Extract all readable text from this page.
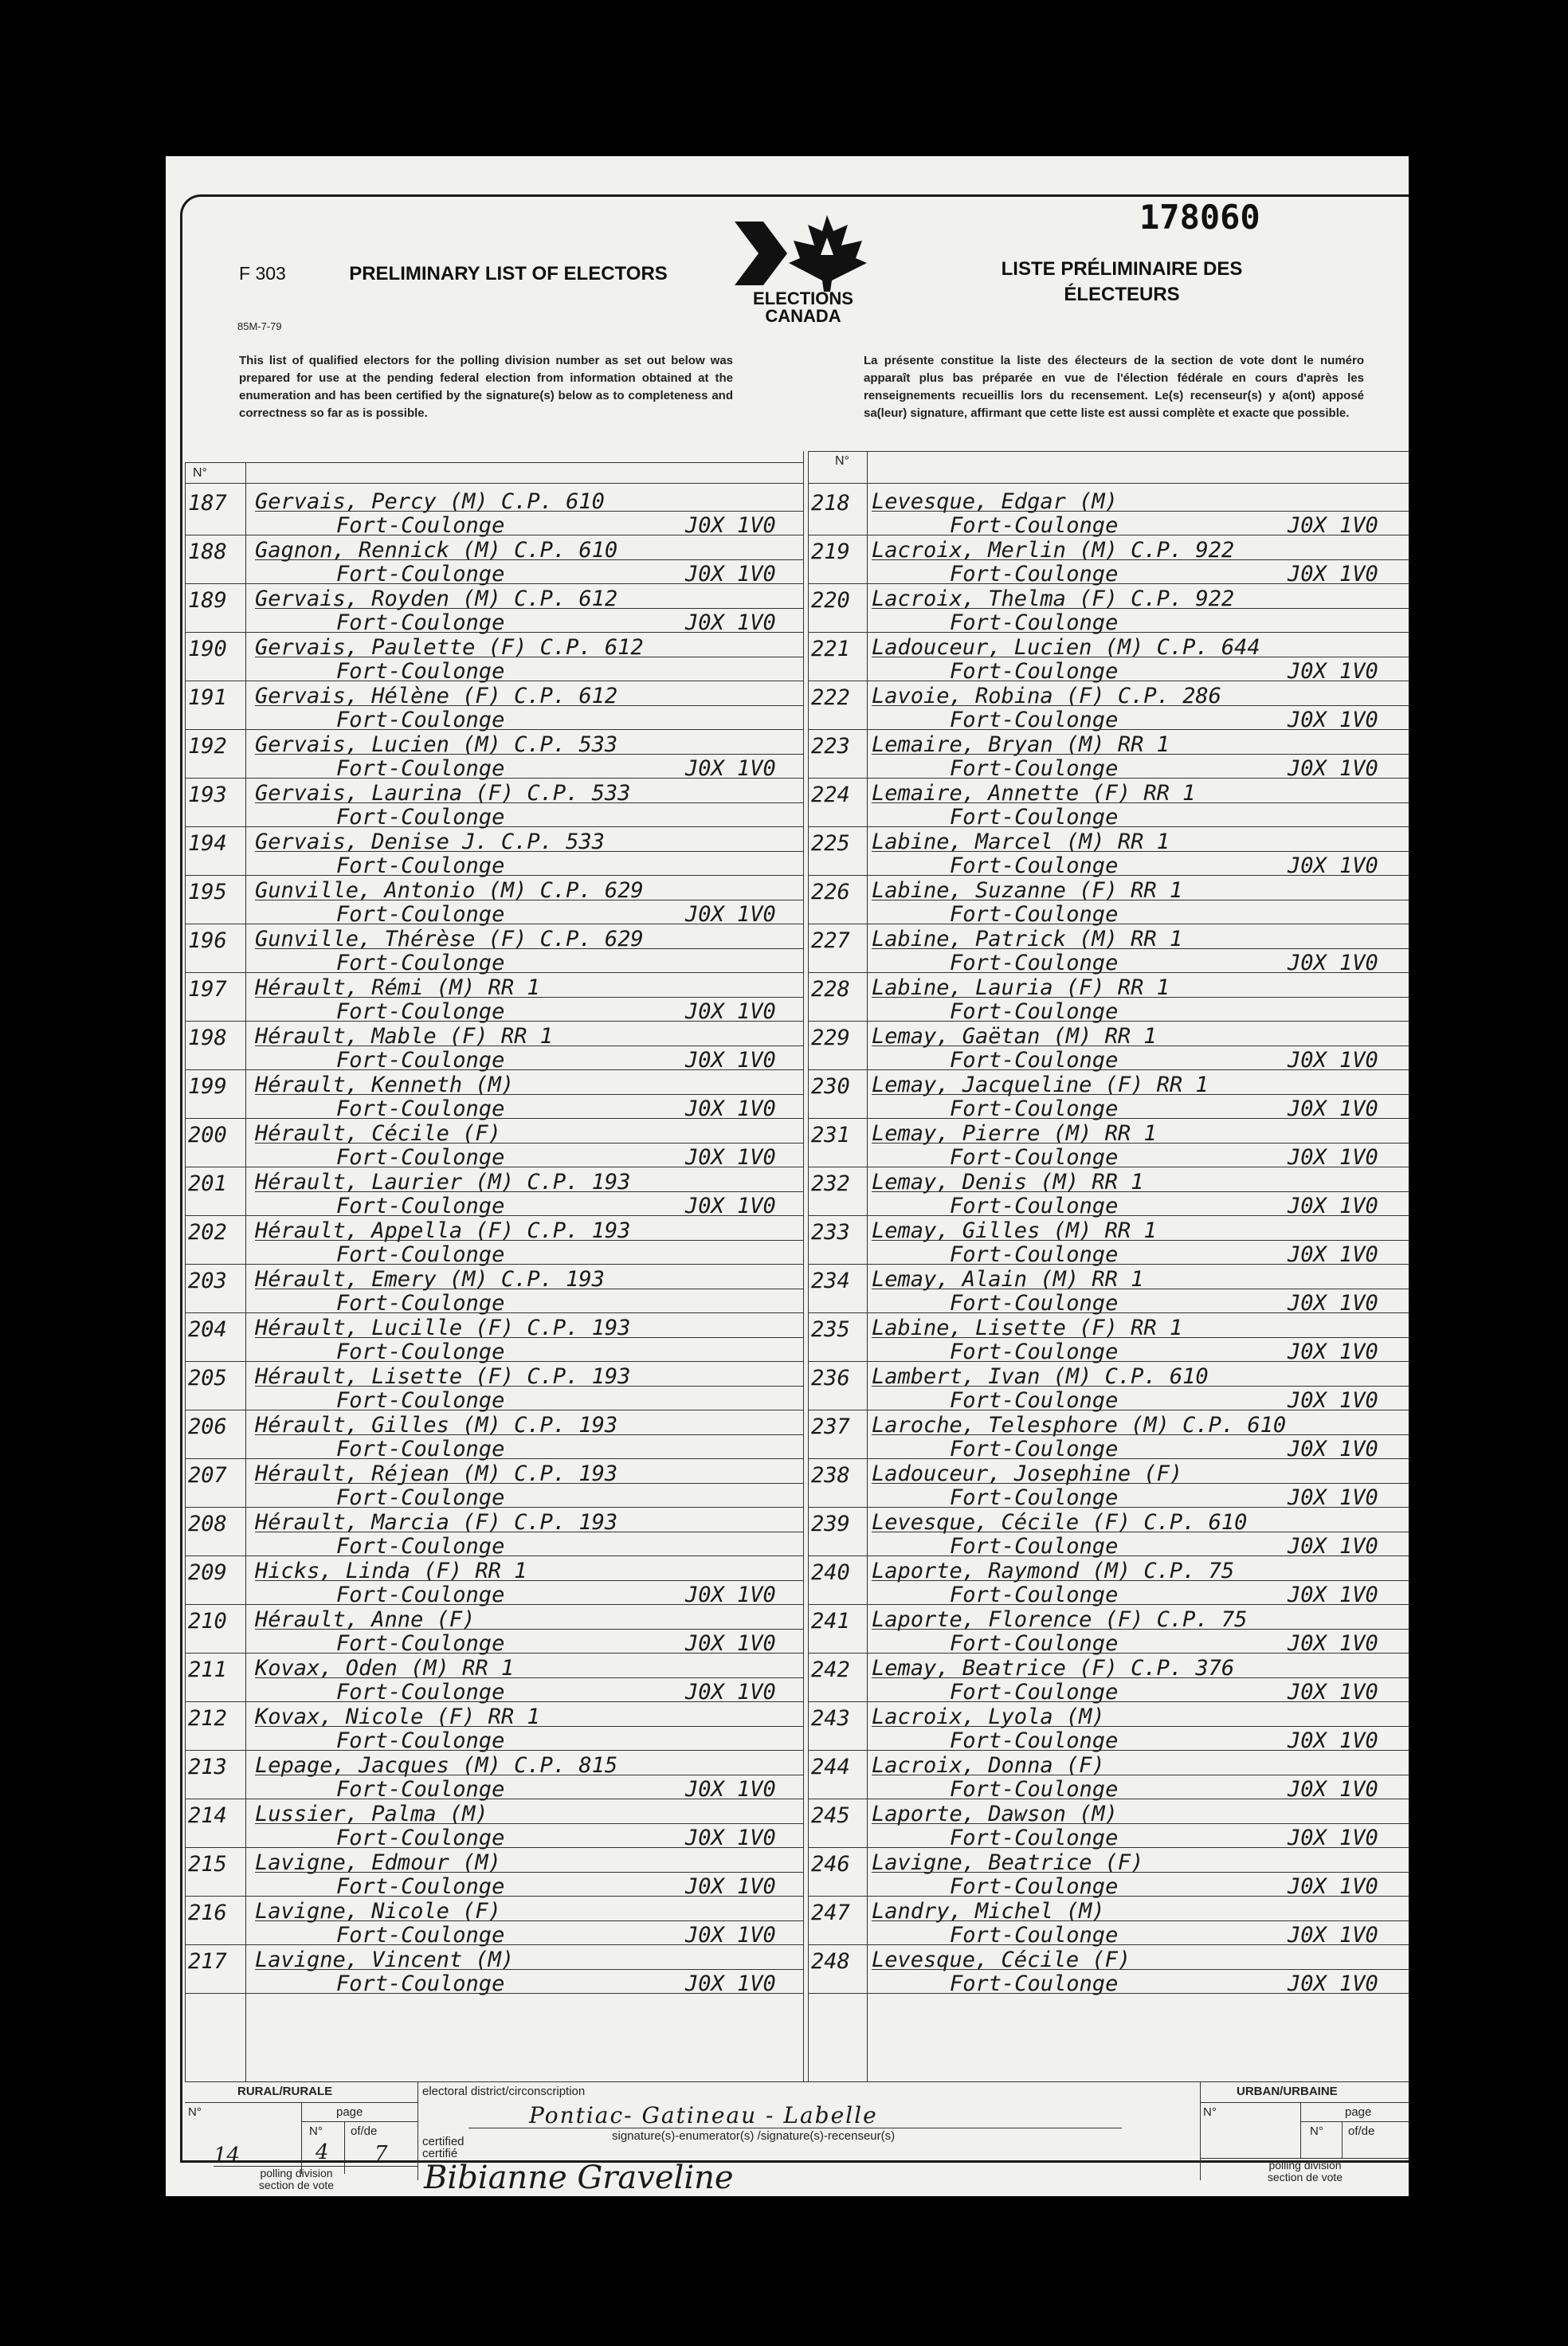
178060
F 303
85M-7-79
PRELIMINARY LIST OF ELECTORS	LISTE PRÉLIMINAIRE DES ÉLECTEURS
ELECTIONS
CANADA
This list of qualified electors for the polling division number as set out below was prepared for use at the pending federal election from information obtained at the enumeration and has been certified by the signature(s) below as to completeness and correctness so far as is possible.
La présente constitue la liste des électeurs de la section de vote dont le numéro apparaît plus bas préparée en vue de l'élection fédérale en cours d'après les renseignements recueillis lors du recensement. Le(s) recenseur(s) y a(ont) apposé sa(leur) signature, affirmant que cette liste est aussi complète et exacte que possible.
N°
N°
187 Gervais, Percy (M) C.P. 610
Fort-Coulonge	J0X 1V0
188 Gagnon, Rennick (M) C.P. 610
Fort-Coulonge	J0X 1V0
189 Gervais, Royden (M) C.P. 612
Fort-Coulonge	J0X 1V0
190 Gervais, Paulette (F) C.P. 612
Fort-Coulonge
191 Gervais, Hélène (F) C.P. 612
Fort-Coulonge
192 Gervais, Lucien (M) C.P. 533
Fort-Coulonge	J0X 1V0
193 Gervais, Laurina (F) C.P. 533
Fort-Coulonge
194 Gervais, Denise J. C.P. 533
Fort-Coulonge
195 Gunville, Antonio (M) C.P. 629
Fort-Coulonge	J0X 1V0
196 Gunville, Thérèse (F) C.P. 629
Fort-Coulonge
197 Hérault, Rémi (M) RR 1
Fort-Coulonge	J0X 1V0
198 Hérault, Mable (F) RR 1
Fort-Coulonge	J0X 1V0
199 Hérault, Kenneth (M)
Fort-Coulonge	J0X 1V0
200 Hérault, Cécile (F)
Fort-Coulonge	J0X 1V0
201 Hérault, Laurier (M) C.P. 193
Fort-Coulonge	J0X 1V0
202 Hérault, Appella (F) C.P. 193
Fort-Coulonge
203 Hérault, Emery (M) C.P. 193
Fort-Coulonge
204 Hérault, Lucille (F) C.P. 193
Fort-Coulonge
205 Hérault, Lisette (F) C.P. 193
Fort-Coulonge
206 Hérault, Gilles (M) C.P. 193
Fort-Coulonge
207 Hérault, Réjean (M) C.P. 193
Fort-Coulonge
208 Hérault, Marcia (F) C.P. 193
Fort-Coulonge
209 Hicks, Linda (F) RR 1
Fort-Coulonge	J0X 1V0
210 Hérault, Anne (F)
Fort-Coulonge	J0X 1V0
211 Kovax, Oden (M) RR 1
Fort-Coulonge	J0X 1V0
212 Kovax, Nicole (F) RR 1
Fort-Coulonge
213 Lepage, Jacques (M) C.P. 815
Fort-Coulonge	J0X 1V0
214 Lussier, Palma (M)
Fort-Coulonge	J0X 1V0
215 Lavigne, Edmour (M)
Fort-Coulonge	J0X 1V0
216 Lavigne, Nicole (F)
Fort-Coulonge	J0X 1V0
217 Lavigne, Vincent (M)
Fort-Coulonge	J0X 1V0
218 Levesque, Edgar (M)
Fort-Coulonge	J0X 1V0
219 Lacroix, Merlin (M) C.P. 922
Fort-Coulonge	J0X 1V0
220 Lacroix, Thelma (F) C.P. 922
Fort-Coulonge
221 Ladouceur, Lucien (M) C.P. 644
Fort-Coulonge	J0X 1V0
222 Lavoie, Robina (F) C.P. 286
Fort-Coulonge	J0X 1V0
223 Lemaire, Bryan (M) RR 1
Fort-Coulonge	J0X 1V0
224 Lemaire, Annette (F) RR 1
Fort-Coulonge
225 Labine, Marcel (M) RR 1
Fort-Coulonge	J0X 1V0
226 Labine, Suzanne (F) RR 1
Fort-Coulonge
227 Labine, Patrick (M) RR 1
Fort-Coulonge	J0X 1V0
228 Labine, Lauria (F) RR 1
Fort-Coulonge
229 Lemay, Gaëtan (M) RR 1
Fort-Coulonge	J0X 1V0
230 Lemay, Jacqueline (F) RR 1
Fort-Coulonge	J0X 1V0
231 Lemay, Pierre (M) RR 1
Fort-Coulonge	J0X 1V0
232 Lemay, Denis (M) RR 1
Fort-Coulonge	J0X 1V0
233 Lemay, Gilles (M) RR 1
Fort-Coulonge	J0X 1V0
234 Lemay, Alain (M) RR 1
Fort-Coulonge	J0X 1V0
235 Labine, Lisette (F) RR 1
Fort-Coulonge	J0X 1V0
236 Lambert, Ivan (M) C.P. 610
Fort-Coulonge	J0X 1V0
237 Laroche, Telesphore (M) C.P. 610
Fort-Coulonge	J0X 1V0
238 Ladouceur, Josephine (F)
Fort-Coulonge	J0X 1V0
239 Levesque, Cécile (F) C.P. 610
Fort-Coulonge	J0X 1V0
240 Laporte, Raymond (M) C.P. 75
Fort-Coulonge	J0X 1V0
241 Laporte, Florence (F) C.P. 75
Fort-Coulonge	J0X 1V0
242 Lemay, Beatrice (F) C.P. 376
Fort-Coulonge	J0X 1V0
243 Lacroix, Lyola (M)
Fort-Coulonge	J0X 1V0
244 Lacroix, Donna (F)
Fort-Coulonge	J0X 1V0
245 Laporte, Dawson (M)
Fort-Coulonge	J0X 1V0
246 Lavigne, Beatrice (F)
Fort-Coulonge	J0X 1V0
247 Landry, Michel (M)
Fort-Coulonge	J0X 1V0
248 Levesque, Cécile (F)
Fort-Coulonge	J0X 1V0
RURAL/RURALE
N°	page
N° of/de
14	4 7
polling division
section de vote
electoral district/circonscription
Pontiac- Gatineau - Labelle
signature(s)-enumerator(s) /signature(s)-recenseur(s)
certified
certifié
Bibianne Graveline
URBAN/URBAINE
N°	page
N° of/de
polling division
section de vote
